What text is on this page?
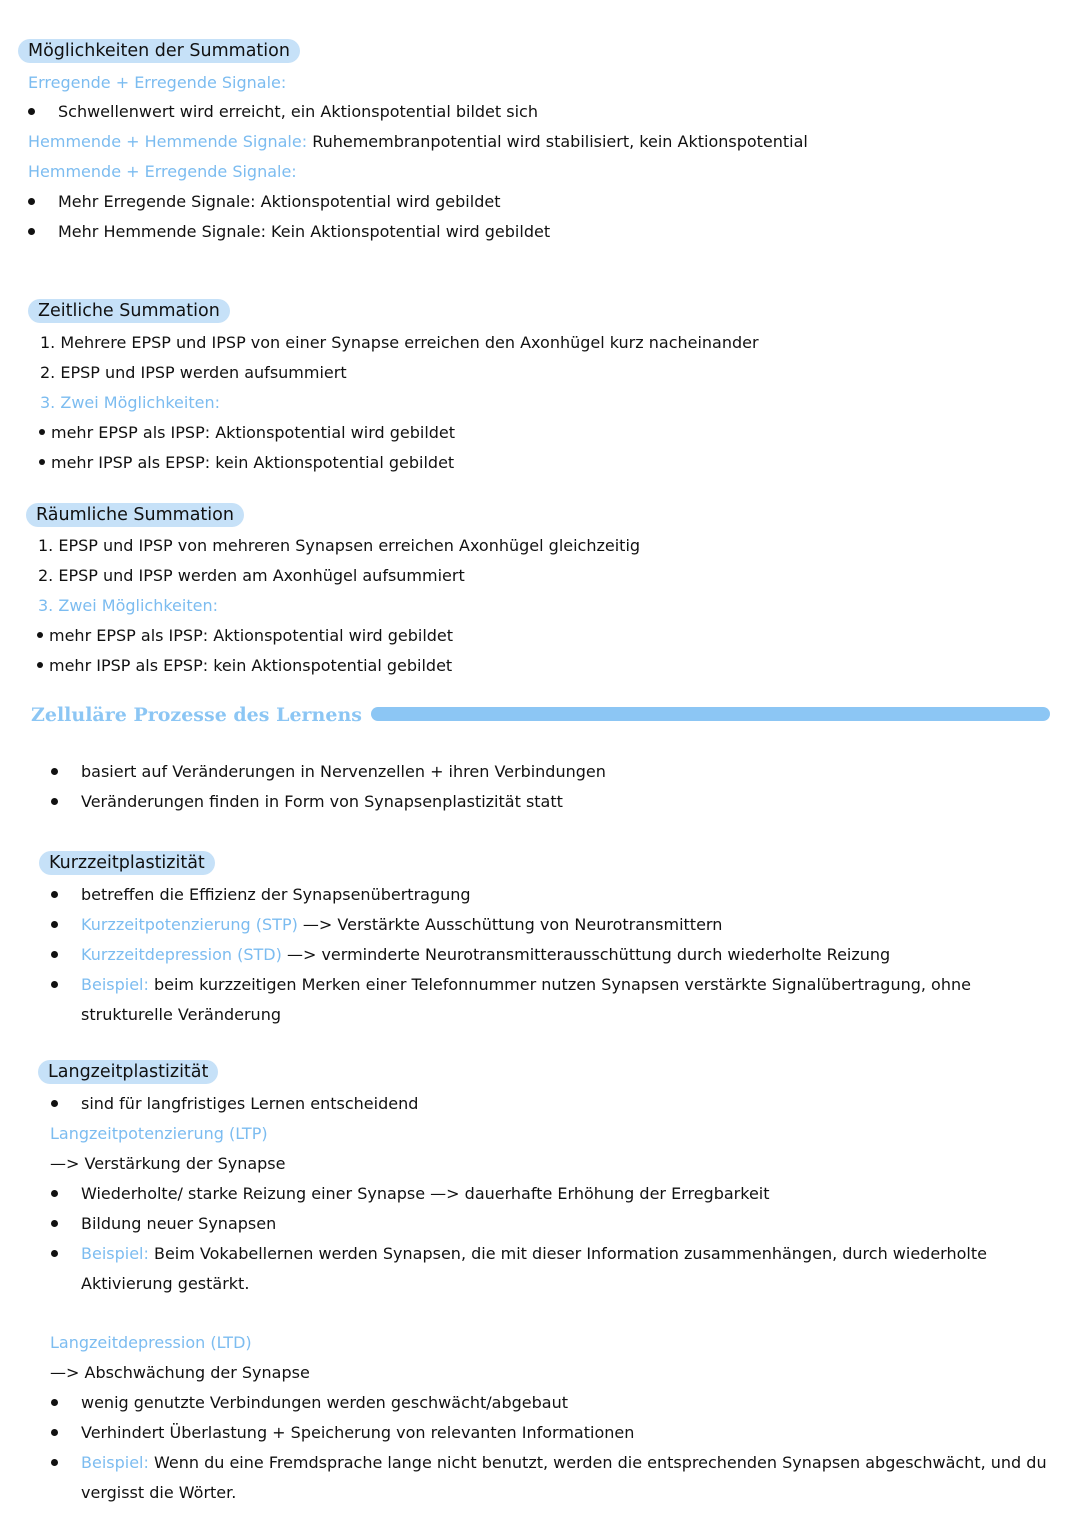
Möglichkeiten der Summation
Erregende + Erregende Signale:
Schwellenwert wird erreicht, ein Aktionspotential bildet sich
Hemmende + Hemmende Signale: Ruhemembranpotential wird stabilisiert, kein Aktionspotential
Hemmende + Erregende Signale:
Mehr Erregende Signale: Aktionspotential wird gebildet
Mehr Hemmende Signale: Kein Aktionspotential wird gebildet
Zeitliche Summation
1. Mehrere EPSP und IPSP von einer Synapse erreichen den Axonhügel kurz nacheinander
2. EPSP und IPSP werden aufsummiert
3. Zwei Möglichkeiten:
mehr EPSP als IPSP: Aktionspotential wird gebildet
mehr IPSP als EPSP: kein Aktionspotential gebildet
Räumliche Summation
1. EPSP und IPSP von mehreren Synapsen erreichen Axonhügel gleichzeitig
2. EPSP und IPSP werden am Axonhügel aufsummiert
3. Zwei Möglichkeiten:
mehr EPSP als IPSP: Aktionspotential wird gebildet
mehr IPSP als EPSP: kein Aktionspotential gebildet
Zelluläre Prozesse des Lernens
basiert auf Veränderungen in Nervenzellen + ihren Verbindungen
Veränderungen finden in Form von Synapsenplastizität statt
Kurzzeitplastizität
betreffen die Effizienz der Synapsenübertragung
Kurzzeitpotenzierung (STP) —> Verstärkte Ausschüttung von Neurotransmittern
Kurzzeitdepression (STD) —> verminderte Neurotransmitterausschüttung durch wiederholte Reizung
Beispiel: beim kurzzeitigen Merken einer Telefonnummer nutzen Synapsen verstärkte Signalübertragung, ohne
strukturelle Veränderung
Langzeitplastizität
sind für langfristiges Lernen entscheidend
Langzeitpotenzierung (LTP)
—> Verstärkung der Synapse
Wiederholte/ starke Reizung einer Synapse —> dauerhafte Erhöhung der Erregbarkeit
Bildung neuer Synapsen
Beispiel: Beim Vokabellernen werden Synapsen, die mit dieser Information zusammenhängen, durch wiederholte
Aktivierung gestärkt.
Langzeitdepression (LTD)
—> Abschwächung der Synapse
wenig genutzte Verbindungen werden geschwächt/abgebaut
Verhindert Überlastung + Speicherung von relevanten Informationen
Beispiel: Wenn du eine Fremdsprache lange nicht benutzt, werden die entsprechenden Synapsen abgeschwächt, und du
vergisst die Wörter.
